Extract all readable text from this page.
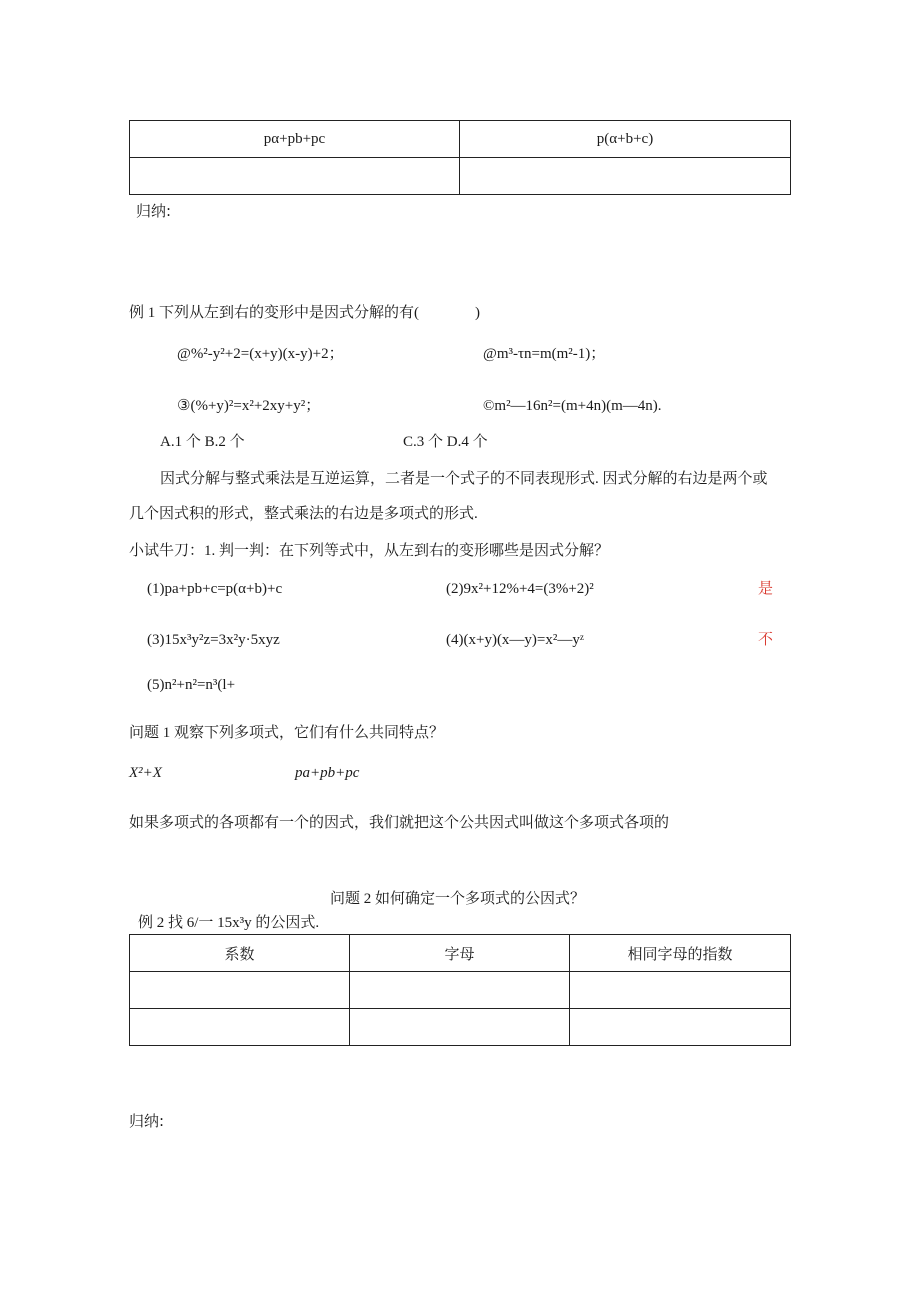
pα+pb+pc	p(α+b+c)

归纳:
例 1 下列从左到右的变形中是因式分解的有(	)
@%²-y²+2=(x+y)(x-y)+2；	@m³-τn=m(m²-1)；
③(%+y)²=x²+2xy+y²；	©m²—16n²=(m+4n)(m—4n).
A.1 个 B.2 个	C.3 个 D.4 个
因式分解与整式乘法是互逆运算，二者是一个式子的不同表现形式. 因式分解的右边是两个或
几个因式积的形式，整式乘法的右边是多项式的形式.
小试牛刀：1. 判一判：在下列等式中，从左到右的变形哪些是因式分解？
(1)pa+pb+c=p(α+b)+c	(2)9x²+12%+4=(3%+2)²	是
(3)15x³y²z=3x²y·5xyz	(4)(x+y)(x—y)=x²—yᶻ	不
(5)n²+n²=n³(l+
问题 1 观察下列多项式，它们有什么共同特点？
X²+X	pa+pb+pc
如果多项式的各项都有一个的因式，我们就把这个公共因式叫做这个多项式各项的
问题 2 如何确定一个多项式的公因式？
例 2 找 6/一 15x³y 的公因式.
系数	字母	相同字母的指数

归纳:
